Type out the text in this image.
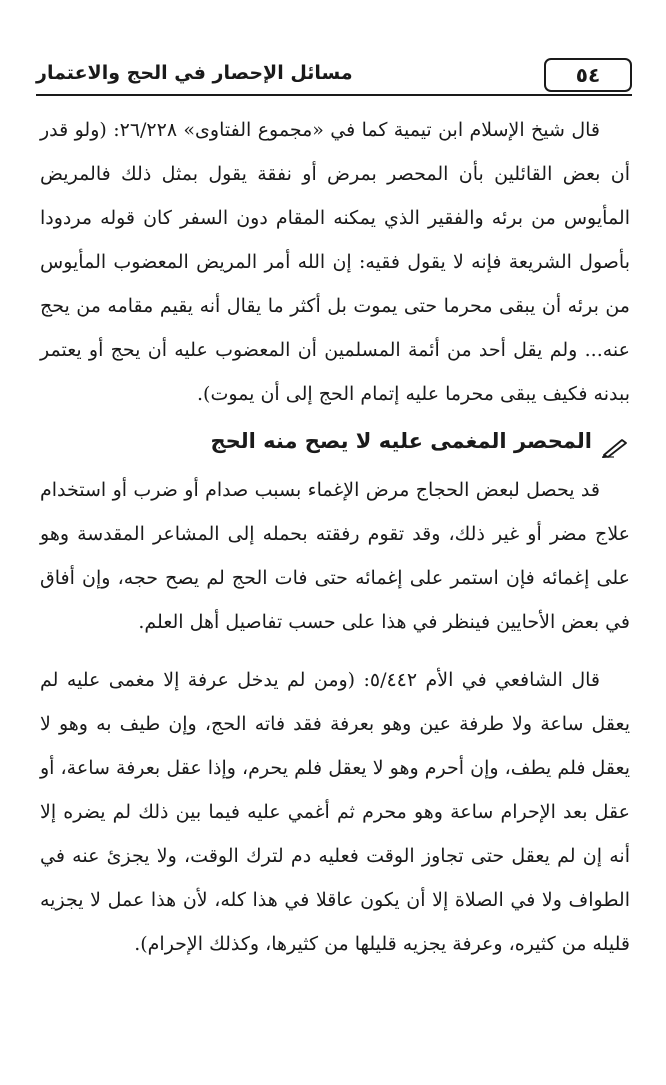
٥٤
مسائل الإحصار في الحج والاعتمار

قال شيخ الإسلام ابن تيمية كما في «مجموع الفتاوى» ٢٦/٢٢٨: (ولو قدر أن بعض القائلين بأن المحصر بمرض أو نفقة يقول بمثل ذلك فالمريض المأيوس من برئه والفقير الذي يمكنه المقام دون السفر كان قوله مردودا بأصول الشريعة فإنه لا يقول فقيه: إن الله أمر المريض المعضوب المأيوس من برئه أن يبقى محرما حتى يموت بل أكثر ما يقال أنه يقيم مقامه من يحج عنه... ولم يقل أحد من أئمة المسلمين أن المعضوب عليه أن يحج أو يعتمر ببدنه فكيف يبقى محرما عليه إتمام الحج إلى أن يموت).

المحصر المغمى عليه لا يصح منه الحج

قد يحصل لبعض الحجاج مرض الإغماء بسبب صدام أو ضرب أو استخدام علاج مضر أو غير ذلك، وقد تقوم رفقته بحمله إلى المشاعر المقدسة وهو على إغمائه فإن استمر على إغمائه حتى فات الحج لم يصح حجه، وإن أفاق في بعض الأحايين فينظر في هذا على حسب تفاصيل أهل العلم.

قال الشافعي في الأم ٥/٤٤٢: (ومن لم يدخل عرفة إلا مغمى عليه لم يعقل ساعة ولا طرفة عين وهو بعرفة فقد فاته الحج، وإن طيف به وهو لا يعقل فلم يطف، وإن أحرم وهو لا يعقل فلم يحرم، وإذا عقل بعرفة ساعة، أو عقل بعد الإحرام ساعة وهو محرم ثم أغمي عليه فيما بين ذلك لم يضره إلا أنه إن لم يعقل حتى تجاوز الوقت فعليه دم لترك الوقت، ولا يجزئ عنه في الطواف ولا في الصلاة إلا أن يكون عاقلا في هذا كله، لأن هذا عمل لا يجزيه قليله من كثيره، وعرفة يجزيه قليلها من كثيرها، وكذلك الإحرام).
